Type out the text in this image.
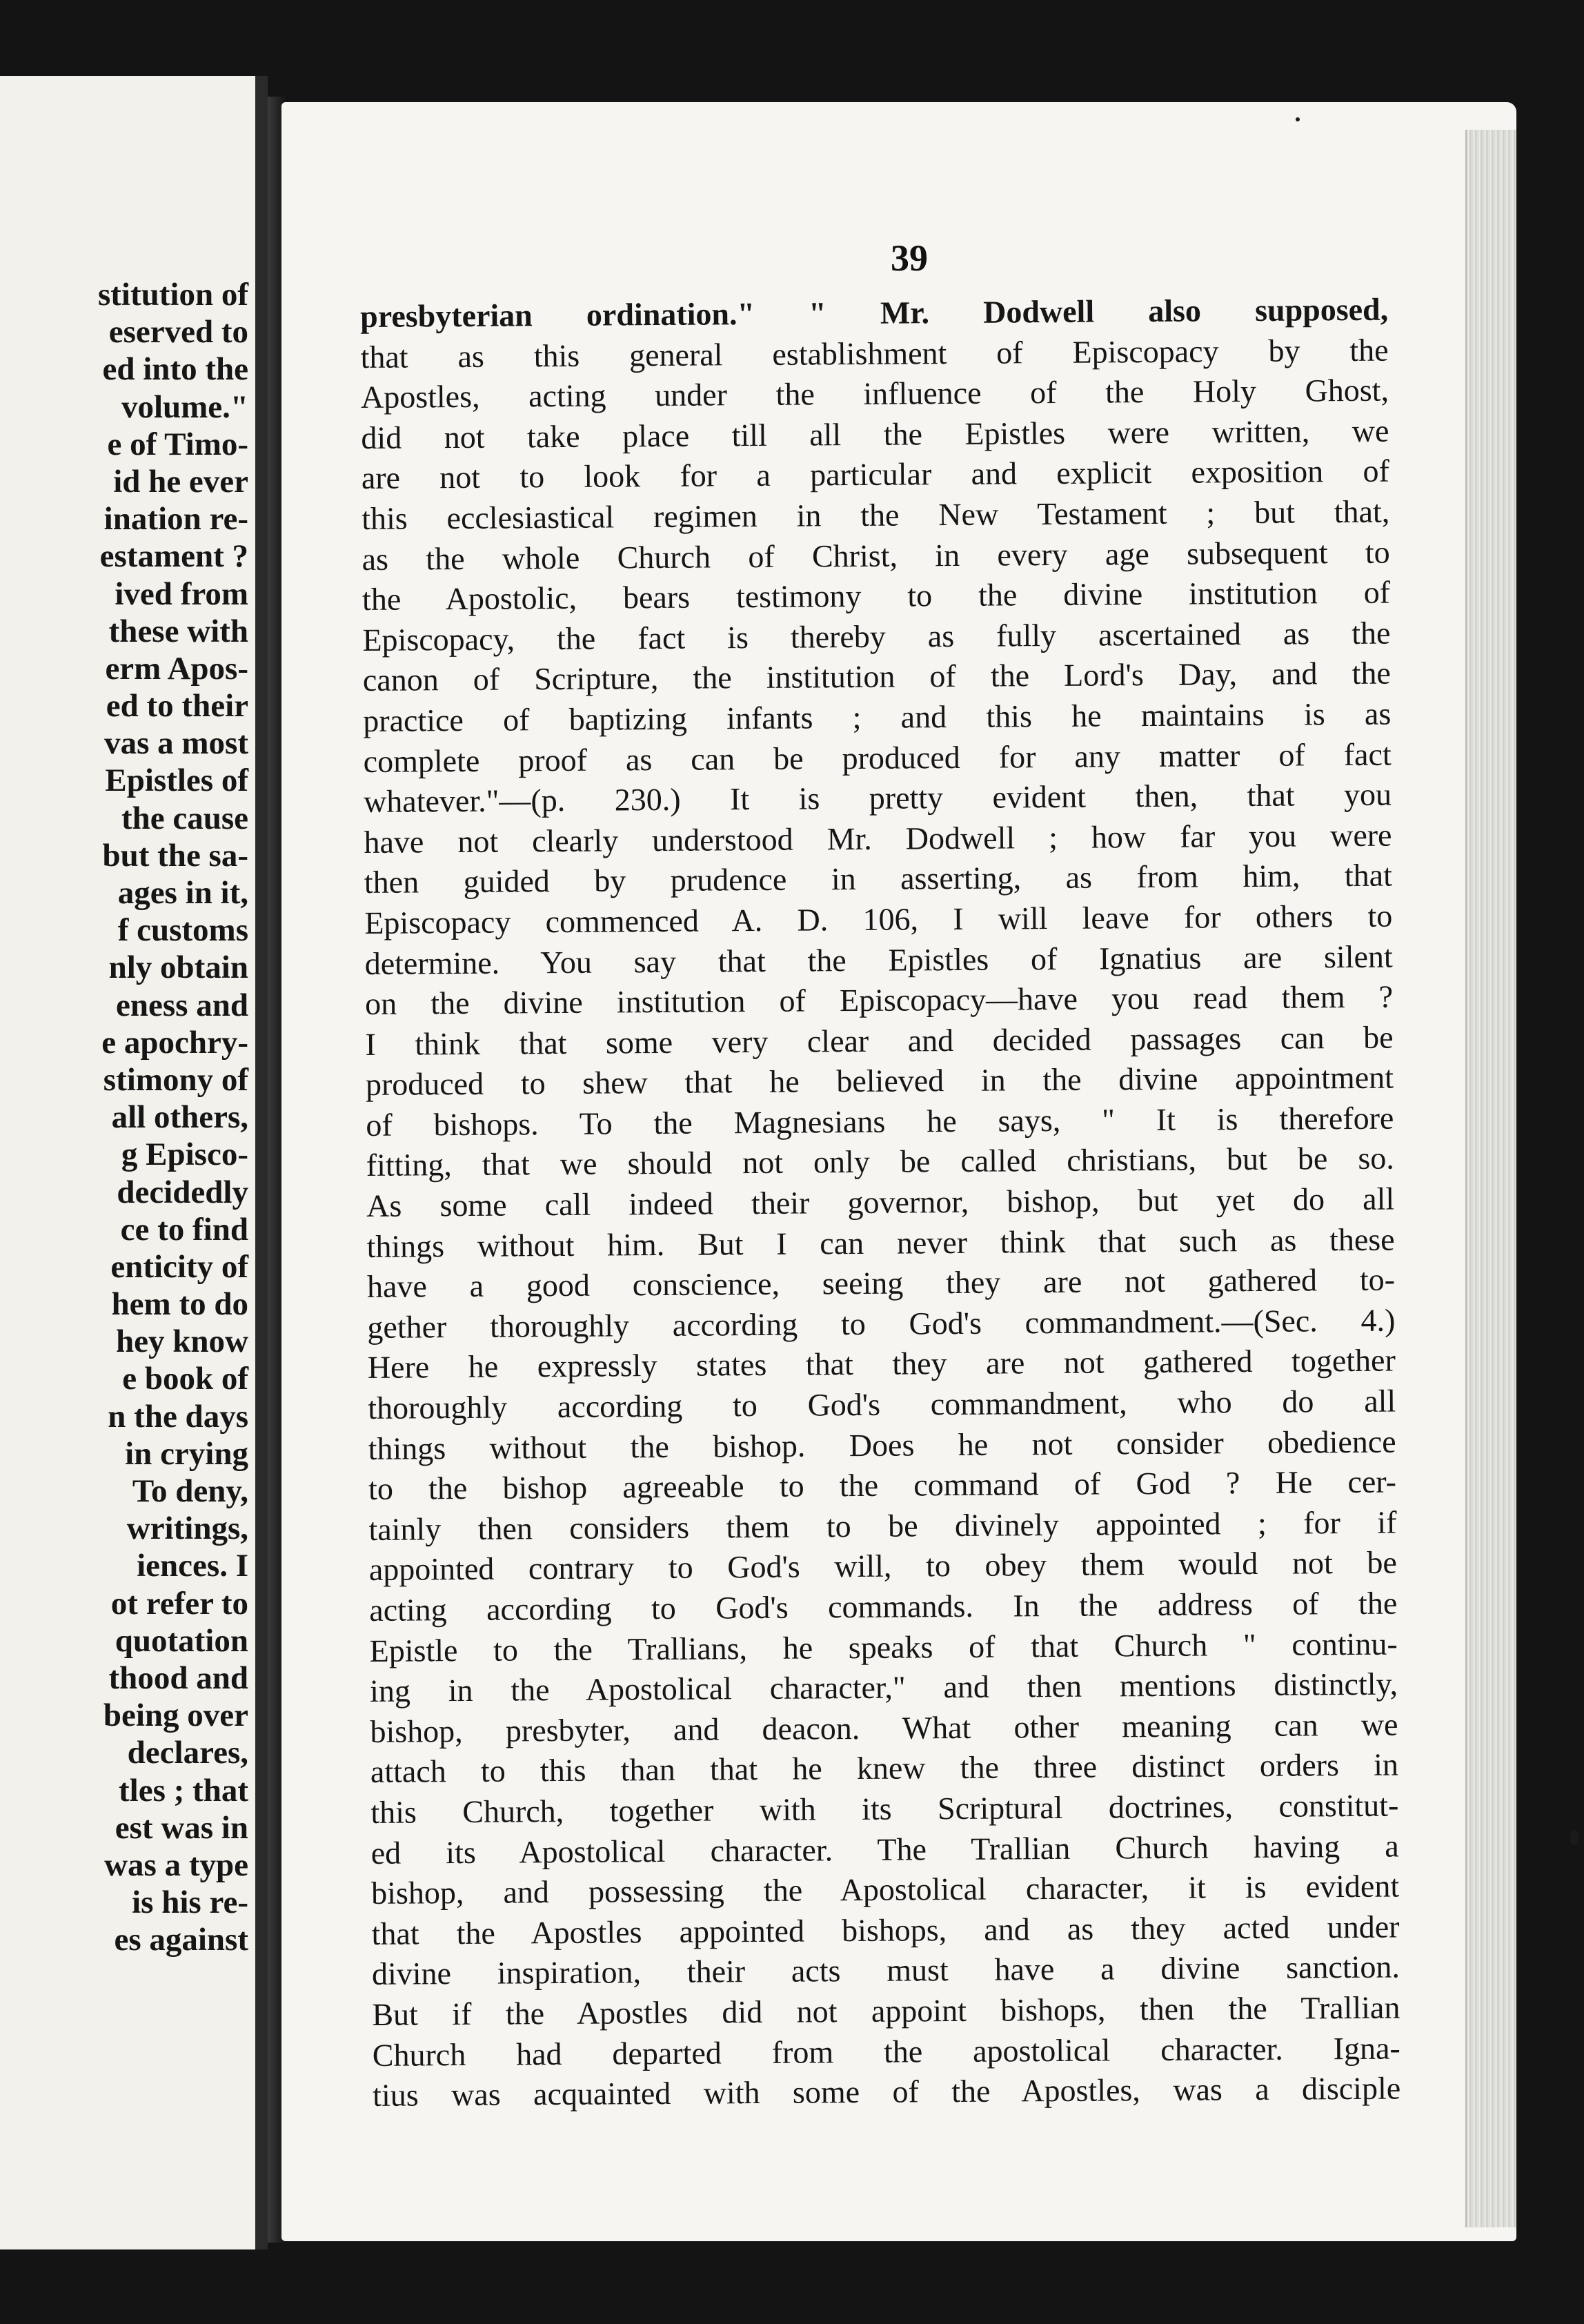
stitution of
eserved to
ed into the
volume."
e of Timo-
id he ever
ination re-
estament ?
ived from
these with
erm Apos-
ed to their
vas a most
Epistles of
the cause
but the sa-
ages in it,
f customs
nly obtain
eness and
e apochry-
stimony of
all others,
g Episco-
decidedly
ce to find
enticity of
hem to do
hey know
e book of
n the days
in crying
To deny,
writings,
iences. I
ot refer to
quotation
thood and
being over
declares,
tles ; that
est was in
was a type
is his re-
es against
39
presbyterian ordination." " Mr. Dodwell also supposed,
that as this general establishment of Episcopacy by the
Apostles, acting under the influence of the Holy Ghost,
did not take place till all the Epistles were written, we
are not to look for a particular and explicit exposition of
this ecclesiastical regimen in the New Testament ; but that,
as the whole Church of Christ, in every age subsequent to
the Apostolic, bears testimony to the divine institution of
Episcopacy, the fact is thereby as fully ascertained as the
canon of Scripture, the institution of the Lord's Day, and the
practice of baptizing infants ; and this he maintains is as
complete proof as can be produced for any matter of fact
whatever."—(p. 230.) It is pretty evident then, that you
have not clearly understood Mr. Dodwell ; how far you were
then guided by prudence in asserting, as from him, that
Episcopacy commenced A. D. 106, I will leave for others to
determine. You say that the Epistles of Ignatius are silent
on the divine institution of Episcopacy—have you read them ?
I think that some very clear and decided passages can be
produced to shew that he believed in the divine appointment
of bishops. To the Magnesians he says, " It is therefore
fitting, that we should not only be called christians, but be so.
As some call indeed their governor, bishop, but yet do all
things without him. But I can never think that such as these
have a good conscience, seeing they are not gathered to-
gether thoroughly according to God's commandment.—(Sec. 4.)
Here he expressly states that they are not gathered together
thoroughly according to God's commandment, who do all
things without the bishop. Does he not consider obedience
to the bishop agreeable to the command of God ? He cer-
tainly then considers them to be divinely appointed ; for if
appointed contrary to God's will, to obey them would not be
acting according to God's commands. In the address of the
Epistle to the Trallians, he speaks of that Church " continu-
ing in the Apostolical character," and then mentions distinctly,
bishop, presbyter, and deacon. What other meaning can we
attach to this than that he knew the three distinct orders in
this Church, together with its Scriptural doctrines, constitut-
ed its Apostolical character. The Trallian Church having a
bishop, and possessing the Apostolical character, it is evident
that the Apostles appointed bishops, and as they acted under
divine inspiration, their acts must have a divine sanction.
But if the Apostles did not appoint bishops, then the Trallian
Church had departed from the apostolical character. Igna-
tius was acquainted with some of the Apostles, was a disciple
